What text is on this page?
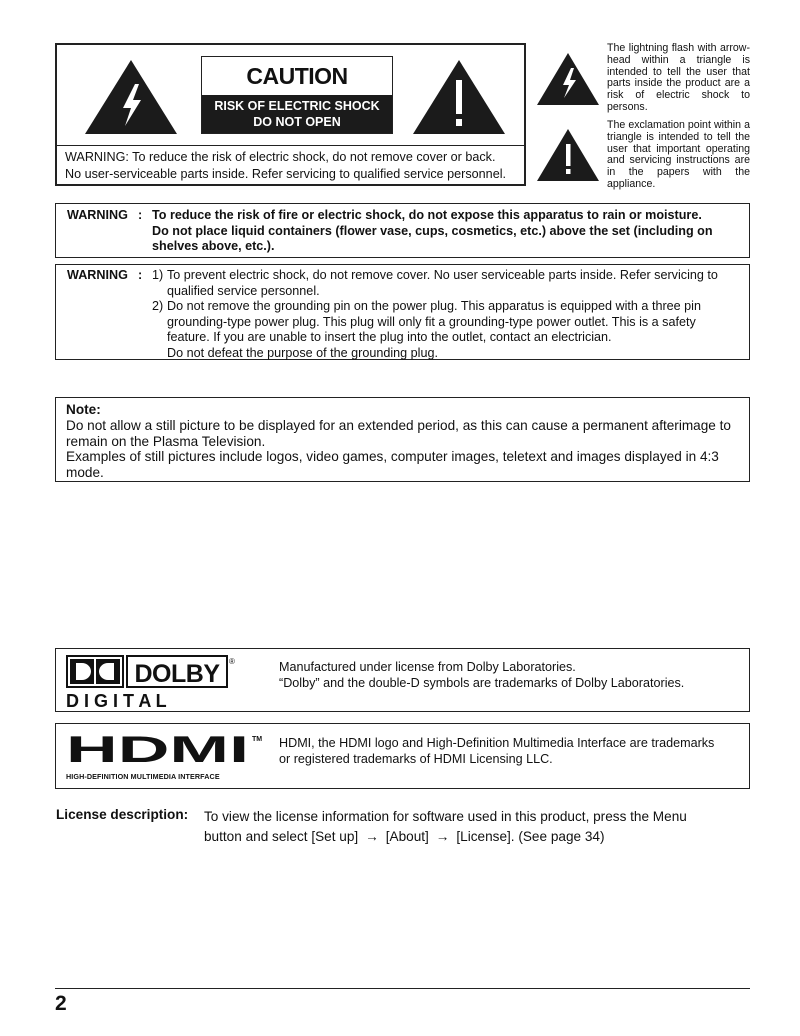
CAUTION
RISK OF ELECTRIC SHOCK
DO NOT OPEN
WARNING: To reduce the risk of electric shock, do not remove cover or back.
No user-serviceable parts inside. Refer servicing to qualified service personnel.
The lightning flash with arrow-head within a triangle is intended to tell the user that parts inside the product are a risk of electric shock to persons.
The exclamation point within a triangle is intended to tell the user that important operating and servicing instructions are in the papers with the appliance.
WARNING : To reduce the risk of fire or electric shock, do not expose this apparatus to rain or moisture.
Do not place liquid containers (flower vase, cups, cosmetics, etc.) above the set (including on shelves above, etc.).
WARNING : 1) To prevent electric shock, do not remove cover. No user serviceable parts inside. Refer servicing to qualified service personnel.
2) Do not remove the grounding pin on the power plug. This apparatus is equipped with a three pin grounding-type power plug. This plug will only fit a grounding-type power outlet. This is a safety feature. If you are unable to insert the plug into the outlet, contact an electrician.
Do not defeat the purpose of the grounding plug.
Note:
Do not allow a still picture to be displayed for an extended period, as this can cause a permanent afterimage to remain on the Plasma Television.
Examples of still pictures include logos, video games, computer images, teletext and images displayed in 4:3 mode.
DOLBY ®
D I G I T A L
Manufactured under license from Dolby Laboratories.
“Dolby” and the double-D symbols are trademarks of Dolby Laboratories.
HDMI TM
HIGH-DEFINITION MULTIMEDIA INTERFACE
HDMI, the HDMI logo and High-Definition Multimedia Interface are trademarks
or registered trademarks of HDMI Licensing LLC.
License description: To view the license information for software used in this product, press the Menu
button and select [Set up] → [About] → [License]. (See page 34)
2
